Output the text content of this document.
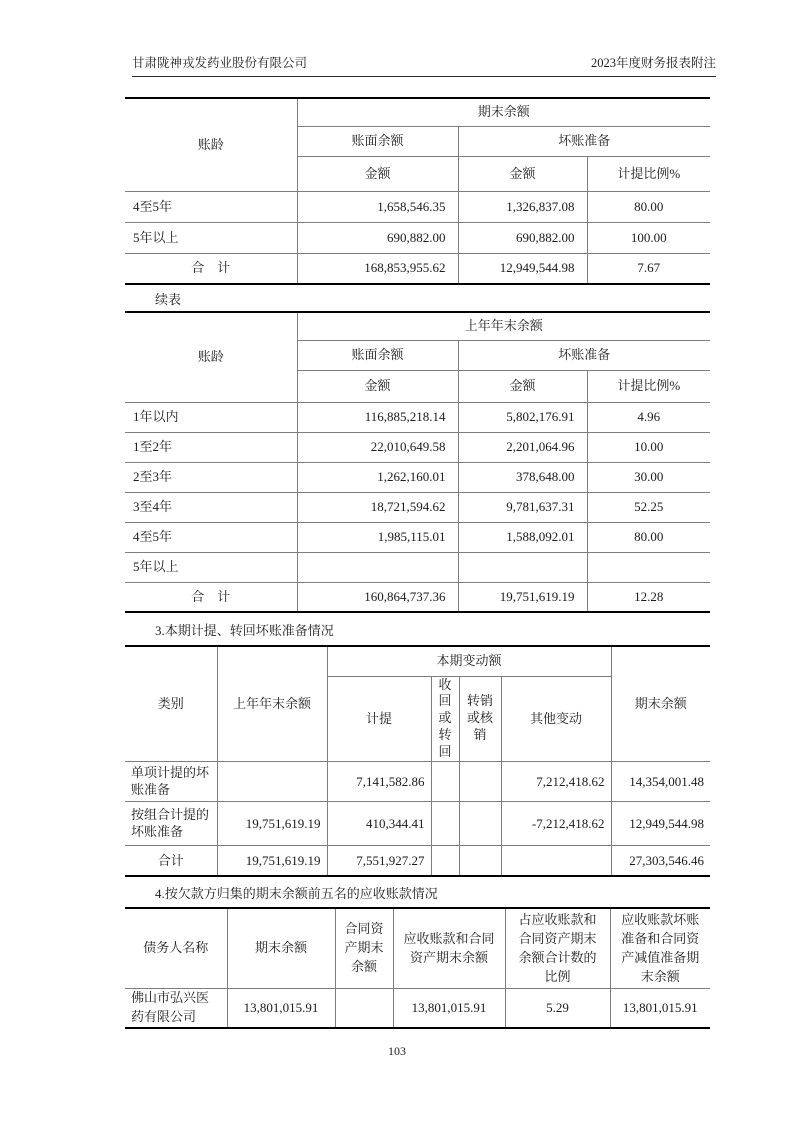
甘肃陇神戎发药业股份有限公司	2023年度财务报表附注
账龄	期末余额		
	账面余额	坏账准备	
	金额	金额	计提比例%
4至5年	1,658,546.35	1,326,837.08	80.00
5年以上	690,882.00	690,882.00	100.00
合　计	168,853,955.62	12,949,544.98	7.67
续表
账龄	上年年末余额		
	账面余额	坏账准备	
	金额	金额	计提比例%
1年以内	116,885,218.14	5,802,176.91	4.96
1至2年	22,010,649.58	2,201,064.96	10.00
2至3年	1,262,160.01	378,648.00	30.00
3至4年	18,721,594.62	9,781,637.31	52.25
4至5年	1,985,115.01	1,588,092.01	80.00
5年以上			
合　计	160,864,737.36	19,751,619.19	12.28
3.本期计提、转回坏账准备情况
类别	上年年末余额	本期变动额				期末余额
		计提	收回或转回	转销或核销	其他变动	
单项计提的坏账准备		7,141,582.86			7,212,418.62	14,354,001.48
按组合计提的坏账准备	19,751,619.19	410,344.41			-7,212,418.62	12,949,544.98
合计	19,751,619.19	7,551,927.27				27,303,546.46
4.按欠款方归集的期末余额前五名的应收账款情况
债务人名称	期末余额	合同资产期末余额	应收账款和合同资产期末余额	占应收账款和合同资产期末余额合计数的比例	应收账款坏账准备和合同资产减值准备期末余额
佛山市弘兴医药有限公司	13,801,015.91		13,801,015.91	5.29	13,801,015.91
103
